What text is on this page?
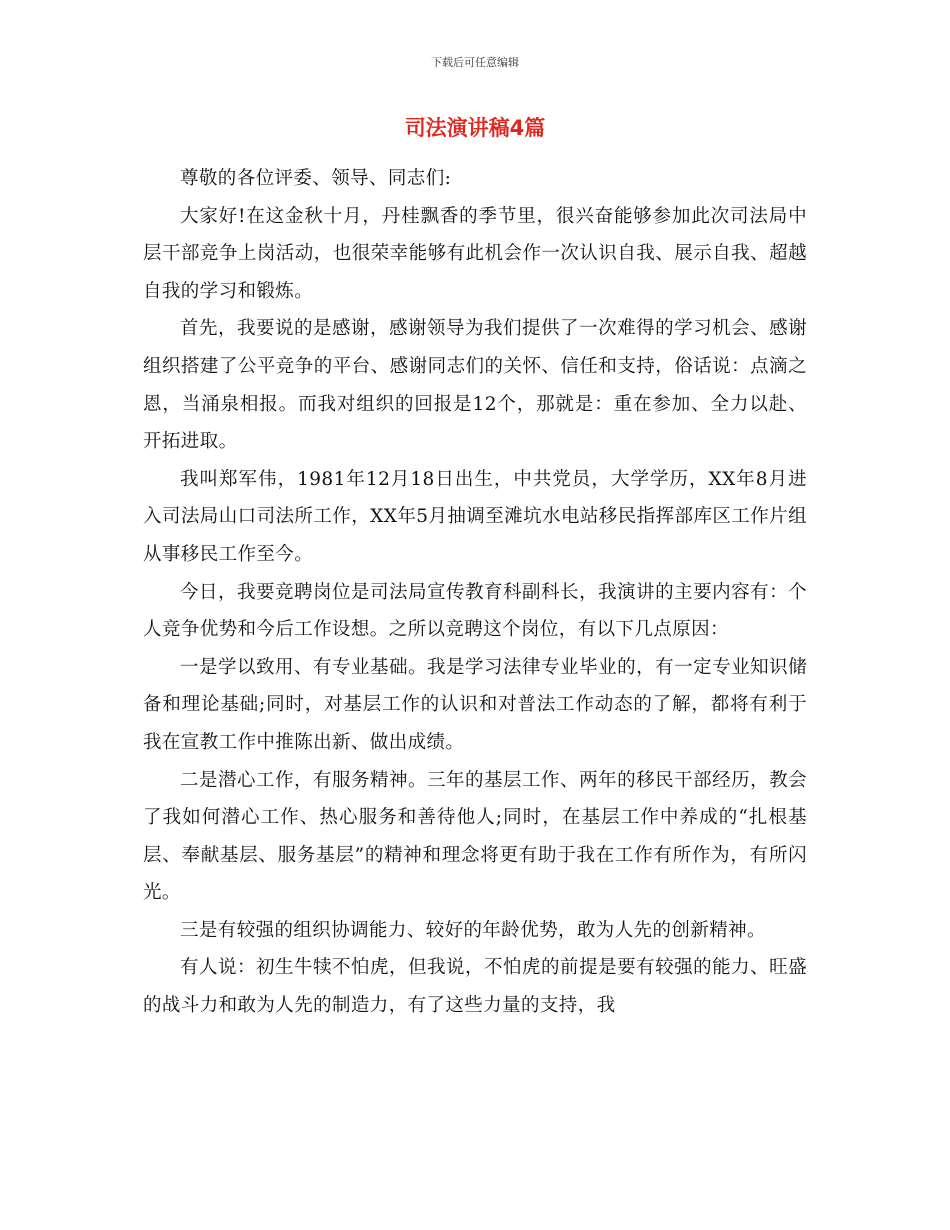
下载后可任意编辑
司法演讲稿4篇

尊敬的各位评委、领导、同志们:

大家好!在这金秋十月，丹桂飘香的季节里，很兴奋能够参加此次司法局中层干部竞争上岗活动，也很荣幸能够有此机会作一次认识自我、展示自我、超越自我的学习和锻炼。

首先，我要说的是感谢，感谢领导为我们提供了一次难得的学习机会、感谢组织搭建了公平竞争的平台、感谢同志们的关怀、信任和支持，俗话说：点滴之恩，当涌泉相报。而我对组织的回报是12个，那就是：重在参加、全力以赴、开拓进取。

我叫郑军伟，1981年12月18日出生，中共党员，大学学历，XX年8月进入司法局山口司法所工作，XX年5月抽调至滩坑水电站移民指挥部库区工作片组从事移民工作至今。

今日，我要竞聘岗位是司法局宣传教育科副科长，我演讲的主要内容有：个人竞争优势和今后工作设想。之所以竞聘这个岗位，有以下几点原因：

一是学以致用、有专业基础。我是学习法律专业毕业的，有一定专业知识储备和理论基础;同时，对基层工作的认识和对普法工作动态的了解，都将有利于我在宣教工作中推陈出新、做出成绩。

二是潜心工作，有服务精神。三年的基层工作、两年的移民干部经历，教会了我如何潜心工作、热心服务和善待他人;同时，在基层工作中养成的“扎根基层、奉献基层、服务基层”的精神和理念将更有助于我在工作有所作为，有所闪光。

三是有较强的组织协调能力、较好的年龄优势，敢为人先的创新精神。

有人说：初生牛犊不怕虎，但我说，不怕虎的前提是要有较强的能力、旺盛的战斗力和敢为人先的制造力，有了这些力量的支持，我
